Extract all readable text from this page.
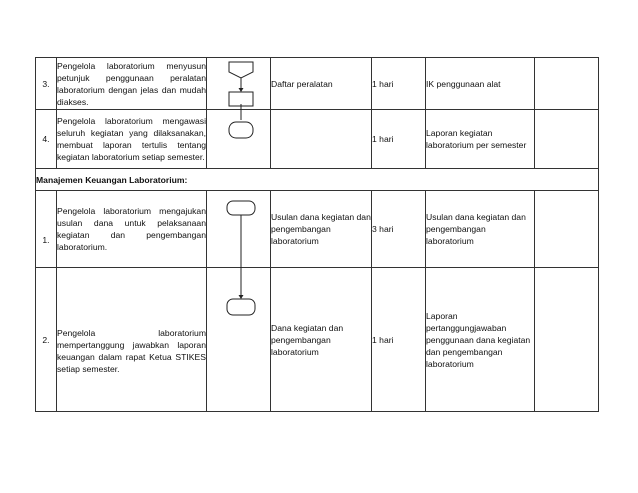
3.	Pengelola laboratorium menyusun petunjuk penggunaan peralatan laboratorium dengan jelas dan mudah diakses.		Daftar peralatan	1 hari	IK penggunaan alat	
4.	Pengelola laboratorium mengawasi seluruh kegiatan yang dilaksanakan, membuat laporan tertulis tentang kegiatan laboratorium setiap semester.			1 hari	Laporan kegiatan
laboratorium per semester	

Manajemen Keuangan Laboratorium:						
1.	Pengelola laboratorium mengajukan usulan dana untuk pelaksanaan kegiatan dan pengembangan laboratorium.		Usulan dana kegiatan dan
pengembangan
laboratorium	3 hari	Usulan dana kegiatan dan
pengembangan
laboratorium	

2.	Pengelola laboratorium mempertanggung jawabkan laporan keuangan dalam rapat Ketua STIKES setiap semester.		Dana kegiatan dan
pengembangan
laboratorium	1 hari	Laporan
pertanggungjawaban
penggunaan dana kegiatan
dan pengembangan
laboratorium	
